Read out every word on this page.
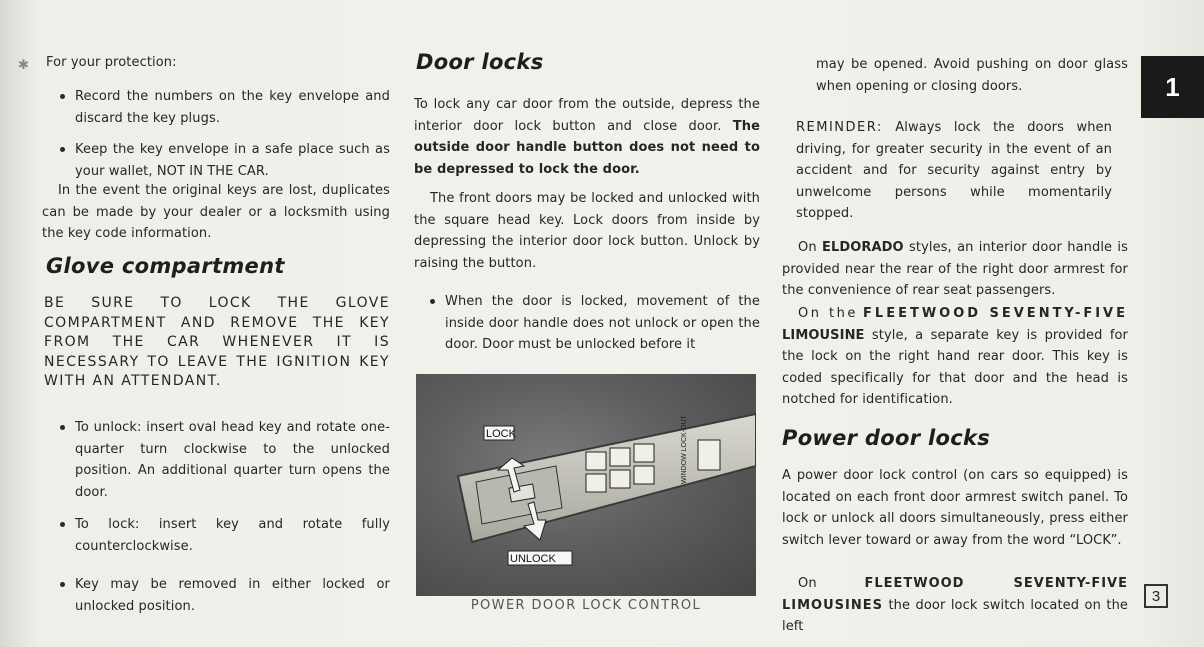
✱ For your protection:
Record the numbers on the key envelope and discard the key plugs.
Keep the key envelope in a safe place such as your wallet, NOT IN THE CAR.
In the event the original keys are lost, duplicates can be made by your dealer or a locksmith using the key code information.
Glove compartment
BE SURE TO LOCK THE GLOVE COMPARTMENT AND REMOVE THE KEY FROM THE CAR WHENEVER IT IS NECESSARY TO LEAVE THE IGNITION KEY WITH AN ATTENDANT.
To unlock: insert oval head key and rotate one-quarter turn clockwise to the unlocked position. An additional quarter turn opens the door.
To lock: insert key and rotate fully counterclockwise.
Key may be removed in either locked or unlocked position.
Door locks
To lock any car door from the outside, depress the interior door lock button and close door. The outside door handle button does not need to be depressed to lock the door.
The front doors may be locked and unlocked with the square head key. Lock doors from inside by depressing the interior door lock button. Unlock by raising the button.
When the door is locked, movement of the inside door handle does not unlock or open the door. Door must be unlocked before it
LOCK
UNLOCK
WINDOW LOCK-OUT
POWER DOOR LOCK CONTROL
may be opened. Avoid pushing on door glass when opening or closing doors.
REMINDER: Always lock the doors when driving, for greater security in the event of an accident and for security against entry by unwelcome persons while momentarily stopped.
On ELDORADO styles, an interior door handle is provided near the rear of the right door armrest for the convenience of rear seat passengers.
On the FLEETWOOD SEVENTY-FIVE LIMOUSINE style, a separate key is provided for the lock on the right hand rear door. This key is coded specifically for that door and the head is notched for identification.
Power door locks
A power door lock control (on cars so equipped) is located on each front door armrest switch panel. To lock or unlock all doors simultaneously, press either switch lever toward or away from the word “LOCK”.
On	FLEETWOOD SEVENTY-FIVE LIMOUSINES the door lock switch located on the left
1
3
